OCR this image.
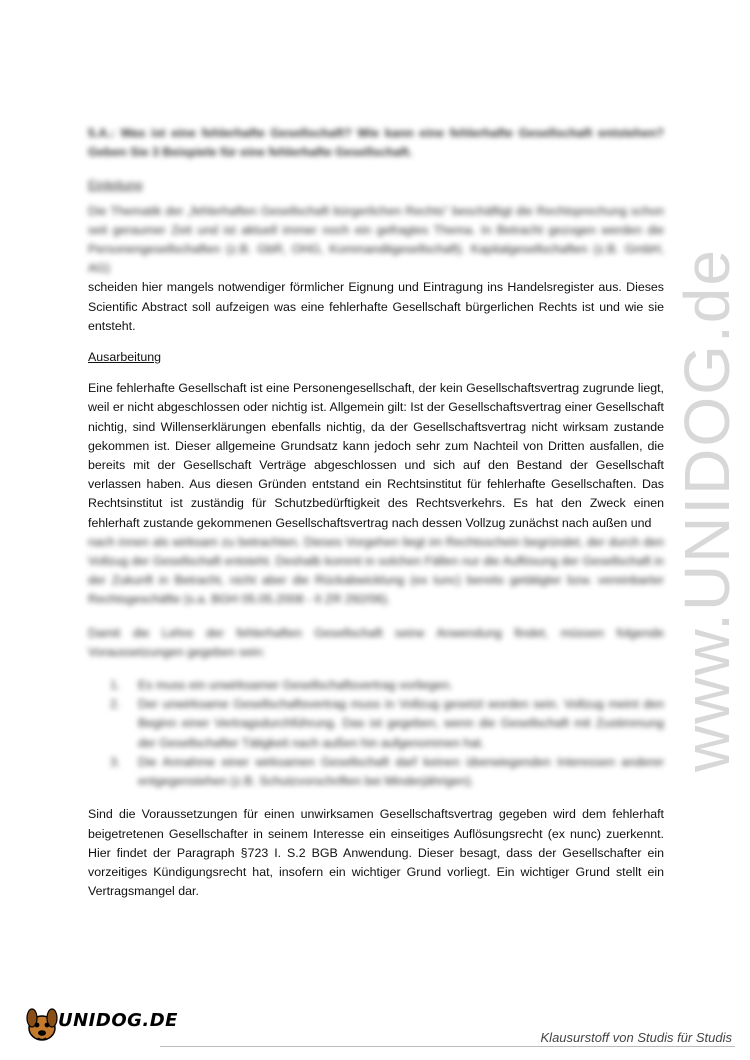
www.UNIDOG.de

5.A.: Was ist eine fehlerhafte Gesellschaft? Wie kann eine fehlerhafte Gesellschaft entstehen? Geben Sie 3 Beispiele für eine fehlerhafte Gesellschaft.

Einleitung

Die Thematik der „fehlerhaften Gesellschaft bürgerlichen Rechts“ beschäftigt die Rechtsprechung schon seit geraumer Zeit und ist aktuell immer noch ein gefragtes Thema. In Betracht gezogen werden die Personengesellschaften (z.B. GbR, OHG, Kommanditgesellschaft). Kapitalgesellschaften (z.B. GmbH, AG)

scheiden hier mangels notwendiger förmlicher Eignung und Eintragung ins Handelsregister aus. Dieses Scientific Abstract soll aufzeigen was eine fehlerhafte Gesellschaft bürgerlichen Rechts ist und wie sie entsteht.

Ausarbeitung

Eine fehlerhafte Gesellschaft ist eine Personengesellschaft, der kein Gesellschaftsvertrag zugrunde liegt, weil er nicht abgeschlossen oder nichtig ist. Allgemein gilt: Ist der Gesellschaftsvertrag einer Gesellschaft nichtig, sind Willenserklärungen ebenfalls nichtig, da der Gesellschaftsvertrag nicht wirksam zustande gekommen ist. Dieser allgemeine Grundsatz kann jedoch sehr zum Nachteil von Dritten ausfallen, die bereits mit der Gesellschaft Verträge abgeschlossen und sich auf den Bestand der Gesellschaft verlassen haben. Aus diesen Gründen entstand ein Rechtsinstitut für fehlerhafte Gesellschaften. Das Rechtsinstitut ist zuständig für Schutzbedürftigkeit des Rechtsverkehrs. Es hat den Zweck einen fehlerhaft zustande gekommenen Gesellschaftsvertrag nach dessen Vollzug zunächst nach außen und

nach innen als wirksam zu betrachten. Dieses Vorgehen liegt im Rechtsschein begründet, der durch den Vollzug der Gesellschaft entsteht. Deshalb kommt in solchen Fällen nur die Auflösung der Gesellschaft in der Zukunft in Betracht, nicht aber die Rückabwicklung (ex tunc) bereits getätigter bzw. vereinbarter Rechtsgeschäfte (s.a. BGH 05.05.2008 - II ZR 292/06).

Damit die Lehre der fehlerhaften Gesellschaft seine Anwendung findet, müssen folgende Voraussetzungen gegeben sein:

1. Es muss ein unwirksamer Gesellschaftsvertrag vorliegen.
2. Der unwirksame Gesellschaftsvertrag muss in Vollzug gesetzt worden sein. Vollzug meint den Beginn einer Vertragsdurchführung. Das ist gegeben, wenn die Gesellschaft mit Zustimmung der Gesellschafter Tätigkeit nach außen hin aufgenommen hat.
3. Die Annahme einer wirksamen Gesellschaft darf keinen überwiegenden Interessen anderer entgegenstehen (z.B. Schutzvorschriften bei Minderjährigen).

Sind die Voraussetzungen für einen unwirksamen Gesellschaftsvertrag gegeben wird dem fehlerhaft beigetretenen Gesellschafter in seinem Interesse ein einseitiges Auflösungsrecht (ex nunc) zuerkennt. Hier findet der Paragraph §723 I. S.2 BGB Anwendung. Dieser besagt, dass der Gesellschafter ein vorzeitiges Kündigungsrecht hat, insofern ein wichtiger Grund vorliegt. Ein wichtiger Grund stellt ein Vertragsmangel dar.

UNIDOG.DE
Klausurstoff von Studis für Studis
